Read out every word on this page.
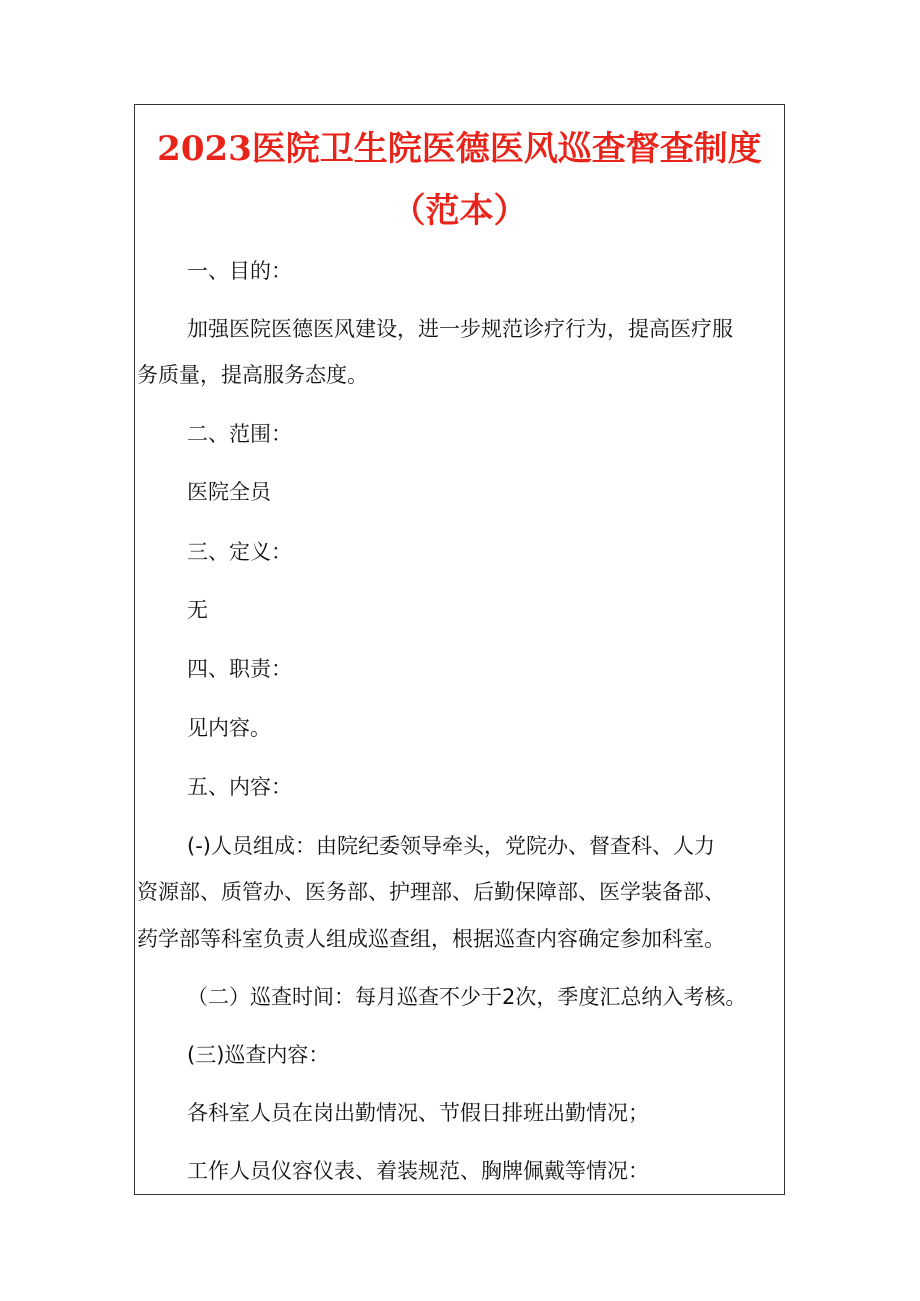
2023医院卫生院医德医风巡查督查制度
（范本）
一、目的：
加强医院医德医风建设，进一步规范诊疗行为，提高医疗服
务质量，提高服务态度。
二、范围：
医院全员
三、定义：
无
四、职责：
见内容。
五、内容：
(-)人员组成：由院纪委领导牵头，党院办、督查科、人力
资源部、质管办、医务部、护理部、后勤保障部、医学装备部、
药学部等科室负责人组成巡查组，根据巡查内容确定参加科室。
（二）巡查时间：每月巡查不少于2次，季度汇总纳入考核。
(三)巡查内容：
各科室人员在岗出勤情况、节假日排班出勤情况；
工作人员仪容仪表、着装规范、胸牌佩戴等情况：
